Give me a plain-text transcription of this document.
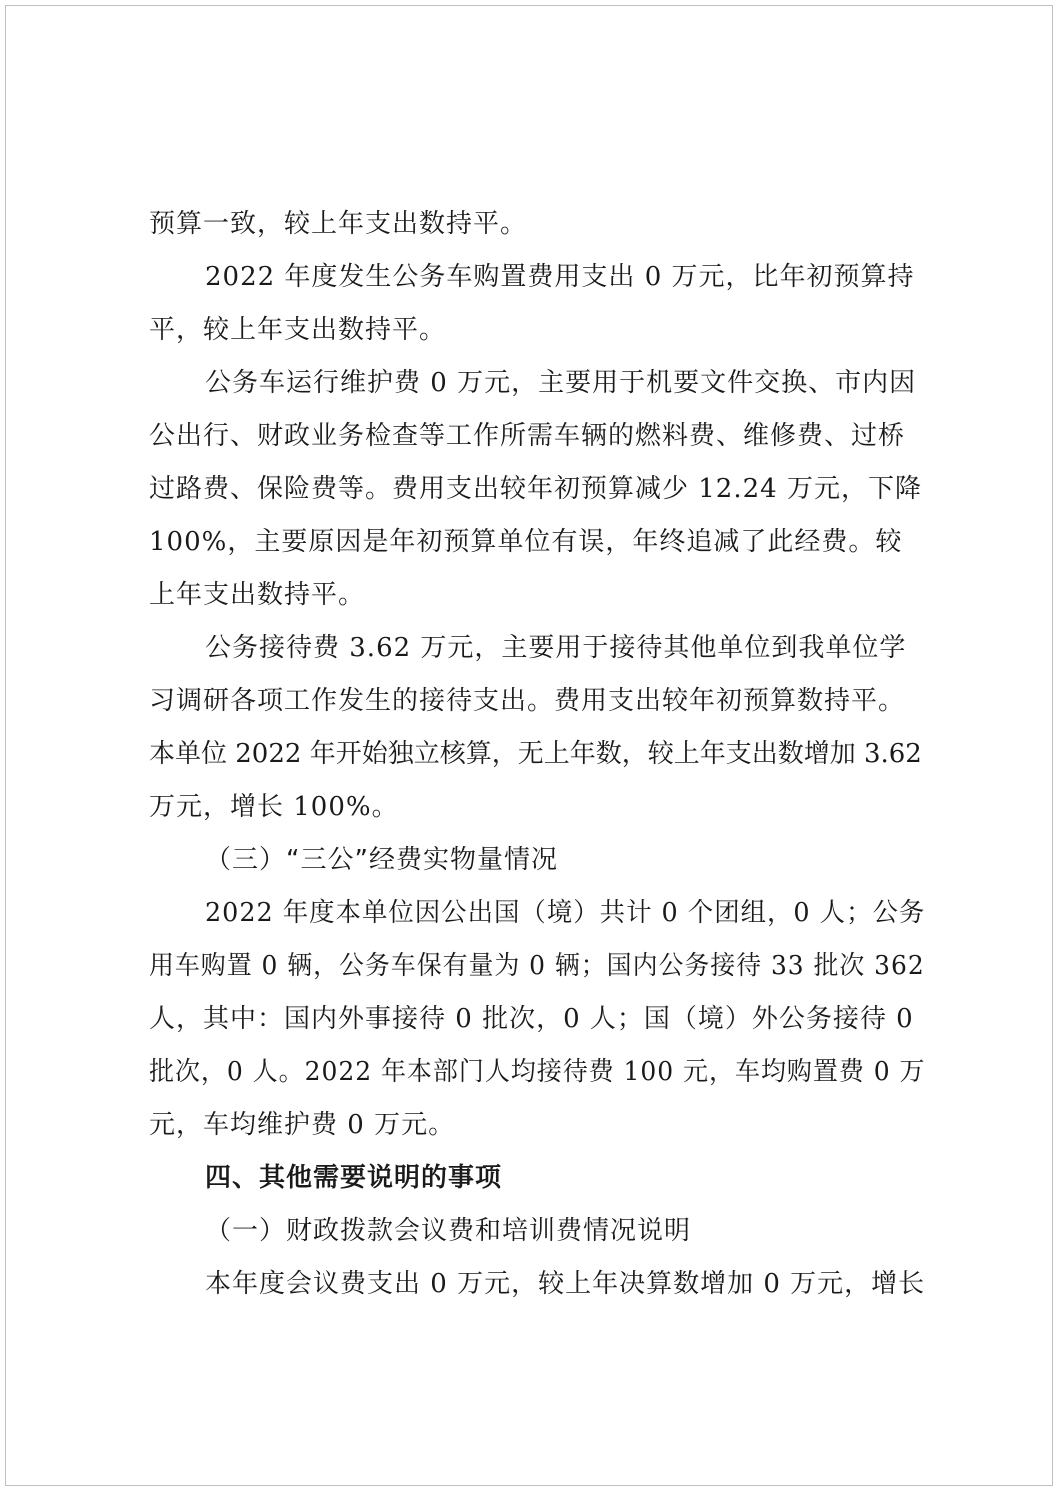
预算一致，较上年支出数持平。
2022 年度发生公务车购置费用支出 0 万元，比年初预算持
平，较上年支出数持平。
公务车运行维护费 0 万元，主要用于机要文件交换、市内因
公出行、财政业务检查等工作所需车辆的燃料费、维修费、过桥
过路费、保险费等。费用支出较年初预算减少 12.24 万元，下降
100%，主要原因是年初预算单位有误，年终追减了此经费。较
上年支出数持平。
公务接待费 3.62 万元，主要用于接待其他单位到我单位学
习调研各项工作发生的接待支出。费用支出较年初预算数持平。
本单位 2022 年开始独立核算，无上年数，较上年支出数增加 3.62
万元，增长 100%。
（三）“三公”经费实物量情况
2022 年度本单位因公出国（境）共计 0 个团组，0 人；公务
用车购置 0 辆，公务车保有量为 0 辆；国内公务接待 33 批次 362
人，其中：国内外事接待 0 批次，0 人；国（境）外公务接待 0
批次，0 人。2022 年本部门人均接待费 100 元，车均购置费 0 万
元，车均维护费 0 万元。
四、其他需要说明的事项
（一）财政拨款会议费和培训费情况说明
本年度会议费支出 0 万元，较上年决算数增加 0 万元，增长
